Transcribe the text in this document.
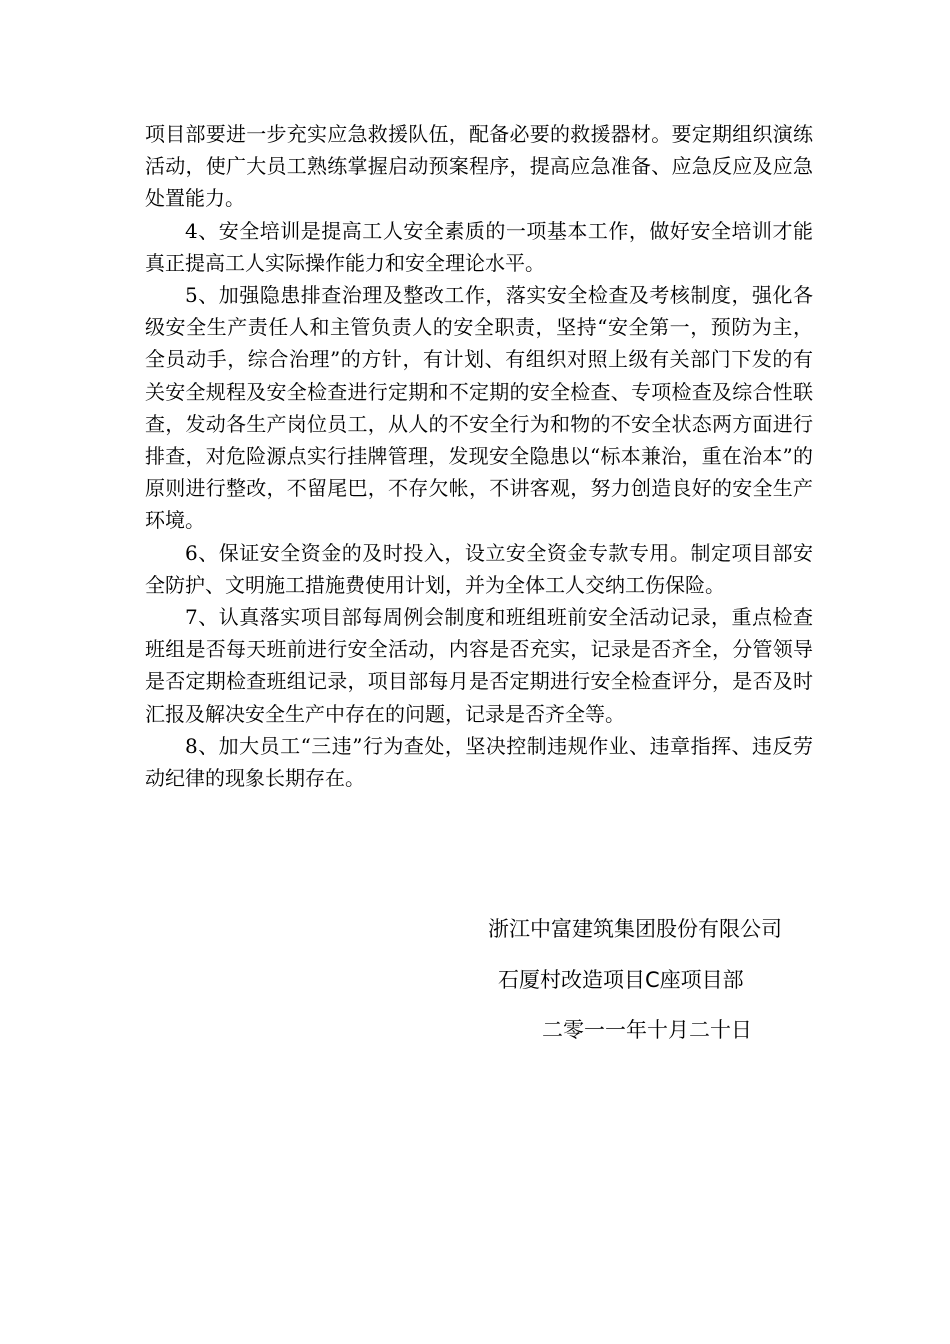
项目部要进一步充实应急救援队伍，配备必要的救援器材。要定期组织演练活动，使广大员工熟练掌握启动预案程序，提高应急准备、应急反应及应急处置能力。

4、安全培训是提高工人安全素质的一项基本工作，做好安全培训才能真正提高工人实际操作能力和安全理论水平。

5、加强隐患排查治理及整改工作，落实安全检查及考核制度，强化各级安全生产责任人和主管负责人的安全职责，坚持“安全第一，预防为主，全员动手，综合治理”的方针，有计划、有组织对照上级有关部门下发的有关安全规程及安全检查进行定期和不定期的安全检查、专项检查及综合性联查，发动各生产岗位员工，从人的不安全行为和物的不安全状态两方面进行排查，对危险源点实行挂牌管理，发现安全隐患以“标本兼治，重在治本”的原则进行整改，不留尾巴，不存欠帐，不讲客观，努力创造良好的安全生产环境。

6、保证安全资金的及时投入，设立安全资金专款专用。制定项目部安全防护、文明施工措施费使用计划，并为全体工人交纳工伤保险。

7、认真落实项目部每周例会制度和班组班前安全活动记录，重点检查班组是否每天班前进行安全活动，内容是否充实，记录是否齐全，分管领导是否定期检查班组记录，项目部每月是否定期进行安全检查评分，是否及时汇报及解决安全生产中存在的问题，记录是否齐全等。

8、加大员工“三违”行为查处，坚决控制违规作业、违章指挥、违反劳动纪律的现象长期存在。

浙江中富建筑集团股份有限公司
石厦村改造项目C座项目部
二零一一年十月二十日
